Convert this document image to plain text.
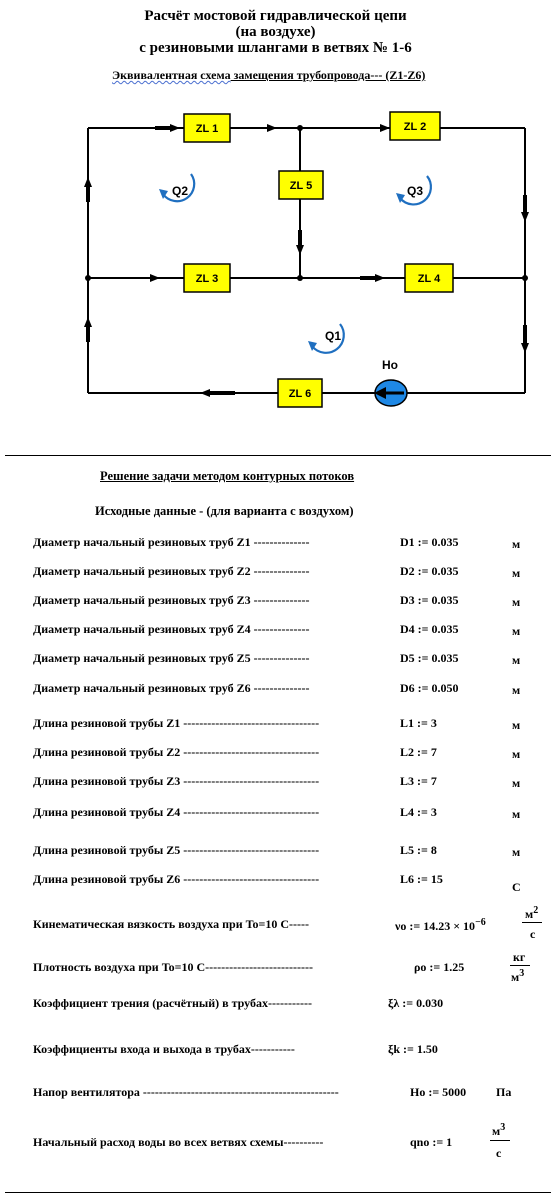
Расчёт мостовой гидравлической цепи
(на воздухе)
с резиновыми шлангами в ветвях № 1-6
Эквивалентная схема замещения трубопровода--- (Z1-Z6)
ZL 1	ZL 2
ZL 3	ZL 4
ZL 5
ZL 6
Ho
Q2	Q3
Q1
Решение задачи методом контурных потоков
Исходные данные - (для варианта с воздухом)
Диаметр начальный резиновых труб Z1 --------------	D1 := 0.035	м
Диаметр начальный резиновых труб Z2 --------------	D2 := 0.035	м
Диаметр начальный резиновых труб Z3 --------------	D3 := 0.035	м
Диаметр начальный резиновых труб Z4 --------------	D4 := 0.035	м
Диаметр начальный резиновых труб Z5 --------------	D5 := 0.035	м
Диаметр начальный резиновых труб Z6 --------------	D6 := 0.050	м
Длина резиновой трубы Z1 ----------------------------------	L1 := 3	м
Длина резиновой трубы Z2 ----------------------------------	L2 := 7	м
Длина резиновой трубы Z3 ----------------------------------	L3 := 7	м
Длина резиновой трубы Z4 ----------------------------------	L4 := 3	м
Длина резиновой трубы Z5 ----------------------------------	L5 := 8	м
Длина резиновой трубы Z6 ----------------------------------	L6 := 15
С
Кинематическая вязкость воздуха при To=10 C-----	νo := $14.23 \times 10^{-6}$
$м^2$
с
Плотность воздуха при To=10 C---------------------------	ρo := 1.25
кг
$м^3$
Коэффициент трения (расчётный) в трубах-----------	ξλ := 0.030
Коэффициенты входа и выхода в трубах-----------	ξk := 1.50
Напор вентилятора -------------------------------------------------	Ho := 5000 Па
Начальный расход воды во всех ветвях схемы----------	qno := 1
$м^3$
с
